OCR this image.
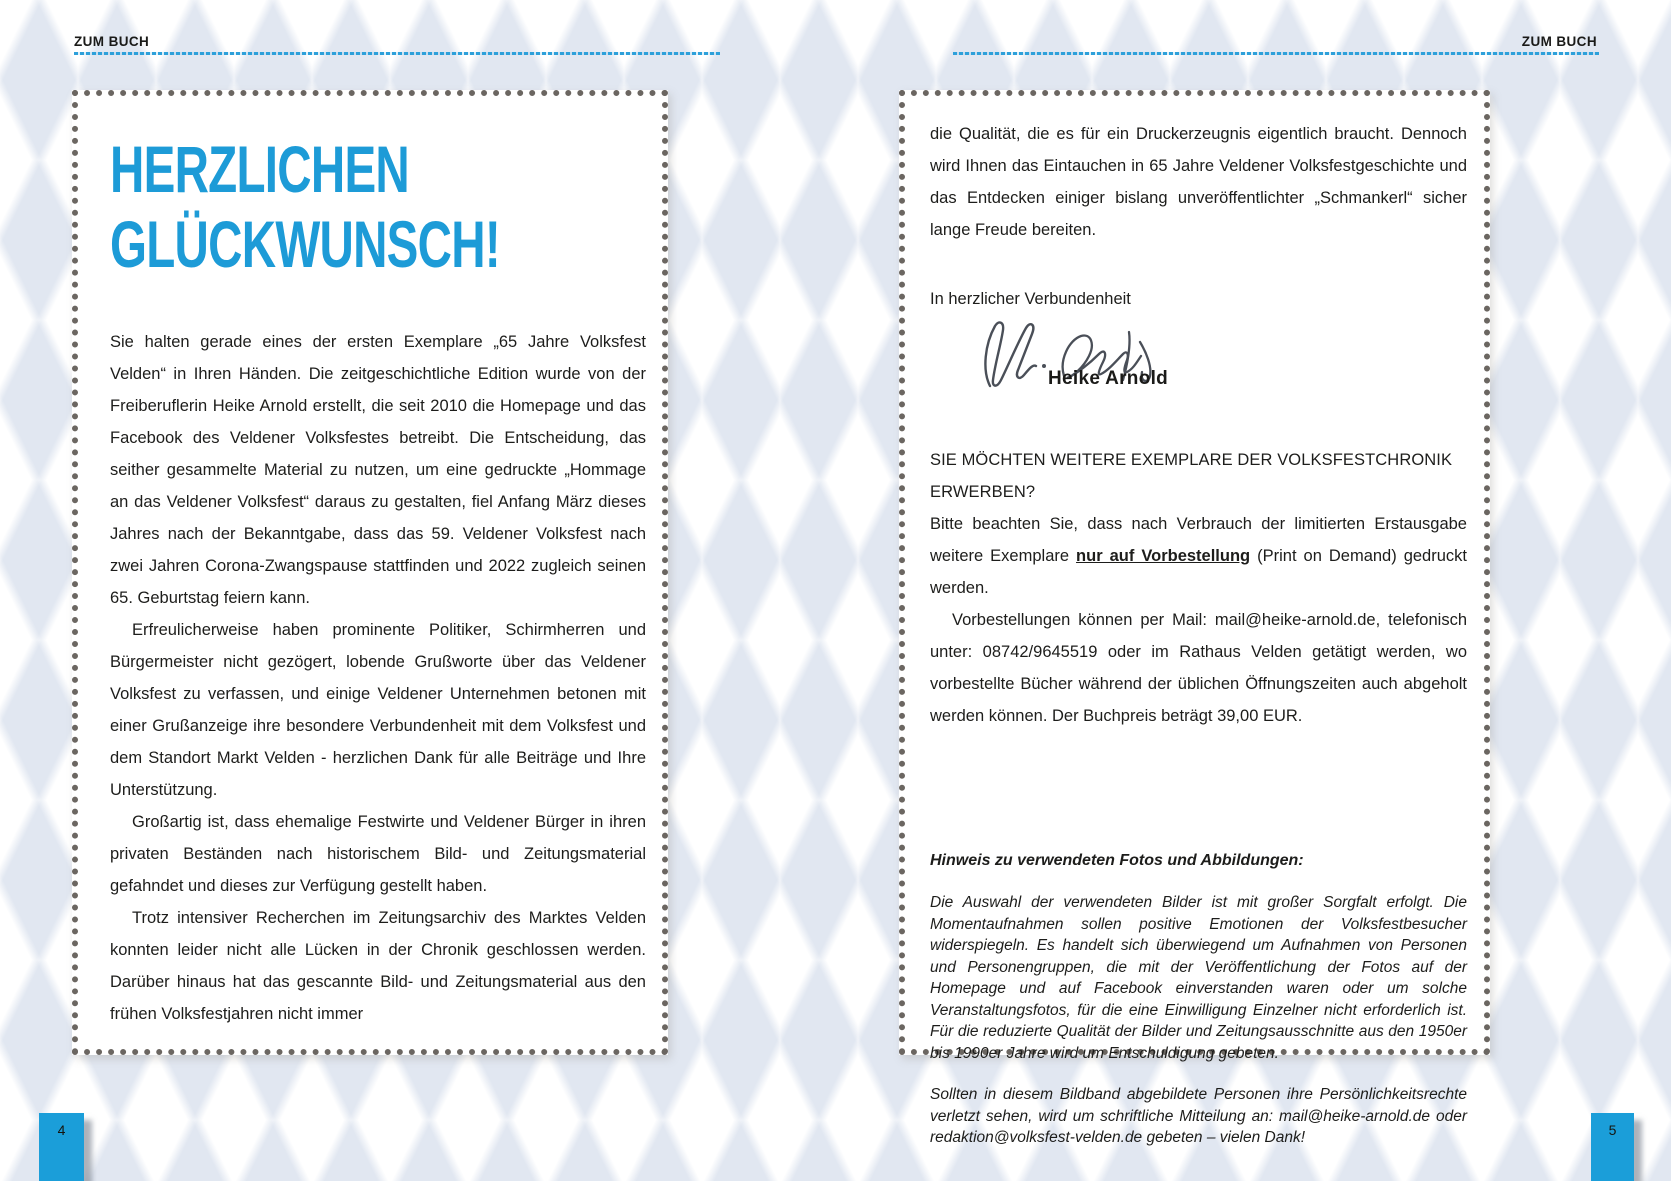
ZUM BUCH	ZUM BUCH
HERZLICHEN
GLÜCKWUNSCH!

Sie halten gerade eines der ersten Exemplare „65 Jahre Volksfest Velden“ in Ihren Händen. Die zeitgeschichtliche Edition wurde von der Freiberuflerin Heike Arnold erstellt, die seit 2010 die Homepage und das Facebook des Veldener Volksfestes betreibt. Die Entscheidung, das seither gesammelte Material zu nutzen, um eine gedruckte „Hommage an das Veldener Volksfest“ daraus zu gestalten, fiel Anfang März dieses Jahres nach der Bekanntgabe, dass das 59. Veldener Volksfest nach zwei Jahren Corona-Zwangspause stattfinden und 2022 zugleich seinen 65. Geburtstag feiern kann.

Erfreulicherweise haben prominente Politiker, Schirmherren und Bürgermeister nicht gezögert, lobende Grußworte über das Veldener Volksfest zu verfassen, und einige Veldener Unternehmen betonen mit einer Grußanzeige ihre besondere Verbundenheit mit dem Volksfest und dem Standort Markt Velden - herzlichen Dank für alle Beiträge und Ihre Unterstützung.

Großartig ist, dass ehemalige Festwirte und Veldener Bürger in ihren privaten Beständen nach historischem Bild- und Zeitungsmaterial gefahndet und dieses zur Verfügung gestellt haben.

Trotz intensiver Recherchen im Zeitungsarchiv des Marktes Velden konnten leider nicht alle Lücken in der Chronik geschlossen werden. Darüber hinaus hat das gescannte Bild- und Zeitungsmaterial aus den frühen Volksfestjahren nicht immer

die Qualität, die es für ein Druckerzeugnis eigentlich braucht. Dennoch wird Ihnen das Eintauchen in 65 Jahre Veldener Volksfestgeschichte und das Entdecken einiger bislang unveröffentlichter „Schmankerl“ sicher lange Freude bereiten.

In herzlicher Verbundenheit

Heike Arnold

SIE MÖCHTEN WEITERE EXEMPLARE DER VOLKSFESTCHRONIK ERWERBEN?

Bitte beachten Sie, dass nach Verbrauch der limitierten Erstausgabe weitere Exemplare nur auf Vorbestellung (Print on Demand) gedruckt werden.

Vorbestellungen können per Mail: mail@heike-arnold.de, telefonisch unter: 08742/9645519 oder im Rathaus Velden getätigt werden, wo vorbestellte Bücher während der üblichen Öffnungszeiten auch abgeholt werden können. Der Buchpreis beträgt 39,00 EUR.

Hinweis zu verwendeten Fotos und Abbildungen:

Die Auswahl der verwendeten Bilder ist mit großer Sorgfalt erfolgt. Die Momentaufnahmen sollen positive Emotionen der Volksfestbesucher widerspiegeln. Es handelt sich überwiegend um Aufnahmen von Personen und Personengruppen, die mit der Veröffentlichung der Fotos auf der Homepage und auf Facebook einverstanden waren oder um solche Veranstaltungsfotos, für die eine Einwilligung Einzelner nicht erforderlich ist. Für die reduzierte Qualität der Bilder und Zeitungsausschnitte aus den 1950er bis 1990er Jahre wird um Entschuldigung gebeten.

Sollten in diesem Bildband abgebildete Personen ihre Persönlichkeitsrechte verletzt sehen, wird um schriftliche Mitteilung an: mail@heike-arnold.de oder redaktion@volksfest-velden.de gebeten – vielen Dank!

4	5
